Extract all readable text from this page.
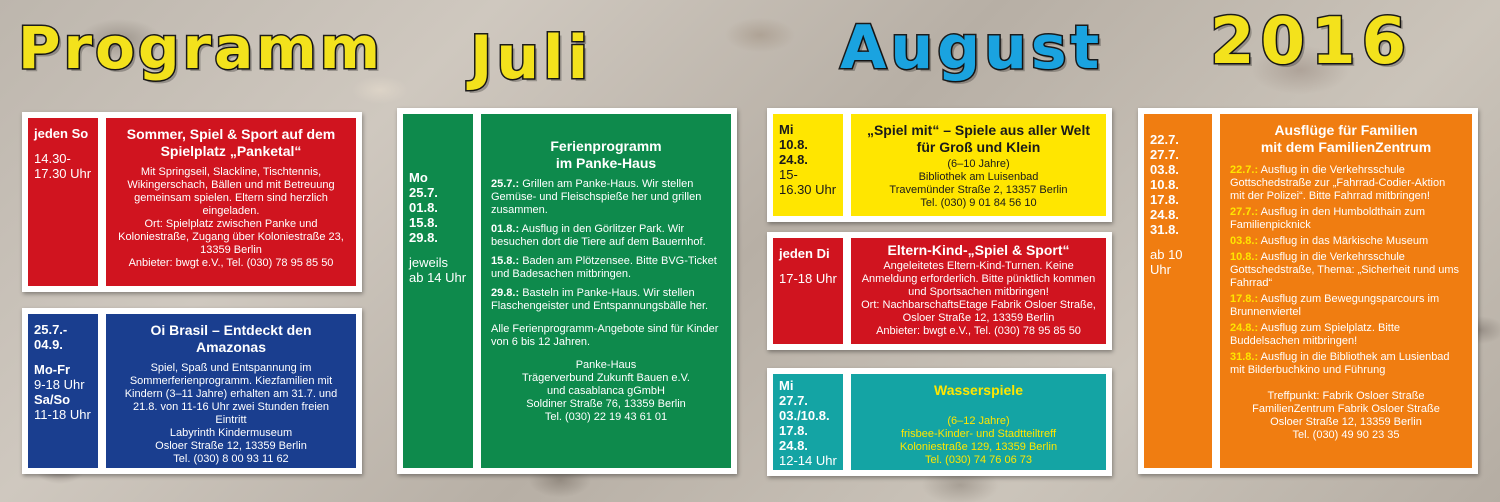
Programm Juli	August 2016
jeden So
14.30-
17.30 Uhr
Sommer, Spiel & Sport auf dem Spielplatz „Panketal“
Mit Springseil, Slackline, Tischtennis, Wikingerschach, Bällen und mit Betreuung gemeinsam spielen. Eltern sind herzlich eingeladen.
Ort: Spielplatz zwischen Panke und Koloniestraße, Zugang über Koloniestraße 23, 13359 Berlin
Anbieter: bwgt e.V., Tel. (030) 78 95 85 50
25.7.-
04.9.
Mo-Fr
9-18 Uhr
Sa/So
11-18 Uhr
Oi Brasil – Entdeckt den Amazonas
Spiel, Spaß und Entspannung im Sommerferienprogramm. Kiezfamilien mit Kindern (3–11 Jahre) erhalten am 31.7. und 21.8. von 11-16 Uhr zwei Stunden freien Eintritt
Labyrinth Kindermuseum
Osloer Straße 12, 13359 Berlin
Tel. (030) 8 00 93 11 62
Mo
25.7.
01.8.
15.8.
29.8.
jeweils
ab 14 Uhr
Ferienprogramm
im Panke-Haus
25.7.: Grillen am Panke-Haus. Wir stellen Gemüse- und Fleischspieße her und grillen zusammen.
01.8.: Ausflug in den Görlitzer Park. Wir besuchen dort die Tiere auf dem Bauernhof.
15.8.: Baden am Plötzensee. Bitte BVG-Ticket und Badesachen mitbringen.
29.8.: Basteln im Panke-Haus. Wir stellen Flaschengeister und Entspannungsbälle her.
Alle Ferienprogramm-Angebote sind für Kinder von 6 bis 12 Jahren.
Panke-Haus
Trägerverbund Zukunft Bauen e.V.
und casablanca gGmbH
Soldiner Straße 76, 13359 Berlin
Tel. (030) 22 19 43 61 01
Mi
10.8.
24.8.
15-
16.30 Uhr
„Spiel mit“ – Spiele aus aller Welt für Groß und Klein
(6–10 Jahre)
Bibliothek am Luisenbad
Travemünder Straße 2, 13357 Berlin
Tel. (030) 9 01 84 56 10
jeden Di
17-18 Uhr
Eltern-Kind-„Spiel & Sport“
Angeleitetes Eltern-Kind-Turnen. Keine Anmeldung erforderlich. Bitte pünktlich kommen und Sportsachen mitbringen!
Ort: NachbarschaftsEtage Fabrik Osloer Straße, Osloer Straße 12, 13359 Berlin
Anbieter: bwgt e.V., Tel. (030) 78 95 85 50
Mi
27.7.
03./10.8.
17.8.
24.8.
12-14 Uhr
Wasserspiele
(6–12 Jahre)
frisbee-Kinder- und Stadtteiltreff
Koloniestraße 129, 13359 Berlin
Tel. (030) 74 76 06 73
22.7.
27.7.
03.8.
10.8.
17.8.
24.8.
31.8.
ab 10 Uhr
Ausflüge für Familien
mit dem FamilienZentrum
22.7.: Ausflug in die Verkehrsschule Gottschedstraße zur „Fahrrad-Codier-Aktion mit der Polizei“. Bitte Fahrrad mitbringen!
27.7.: Ausflug in den Humboldthain zum Familienpicknick
03.8.: Ausflug in das Märkische Museum
10.8.: Ausflug in die Verkehrsschule Gottschedstraße, Thema: „Sicherheit rund ums Fahrrad“
17.8.: Ausflug zum Bewegungsparcours im Brunnenviertel
24.8.: Ausflug zum Spielplatz. Bitte Buddelsachen mitbringen!
31.8.: Ausflug in die Bibliothek am Lusienbad mit Bilderbuchkino und Führung
Treffpunkt: Fabrik Osloer Straße
FamilienZentrum Fabrik Osloer Straße
Osloer Straße 12, 13359 Berlin
Tel. (030) 49 90 23 35
